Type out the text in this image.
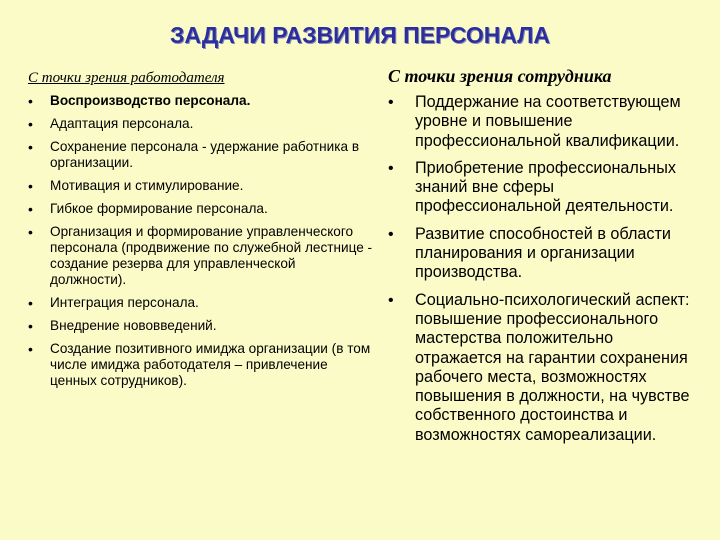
ЗАДАЧИ РАЗВИТИЯ ПЕРСОНАЛА
С точки зрения работодателя
• Воспроизводство персонала.
• Адаптация персонала.
• Сохранение персонала - удержание работника в организации.
• Мотивация и стимулирование.
• Гибкое формирование персонала.
• Организация и формирование управленческого персонала (продвижение по служебной лестнице - создание резерва для управленческой должности).
• Интеграция персонала.
• Внедрение нововведений.
• Создание позитивного имиджа организации (в том числе имиджа работодателя – привлечение ценных сотрудников).
С точки зрения сотрудника
• Поддержание на соответствующем уровне и повышение профессиональной квалификации.
• Приобретение профессиональных знаний вне сферы профессиональной деятельности.
• Развитие способностей в области планирования и организации производства.
• Социально-психологический аспект: повышение профессионального мастерства положительно отражается на гарантии сохранения рабочего места, возможностях повышения в должности, на чувстве собственного достоинства и возможностях самореализации.
